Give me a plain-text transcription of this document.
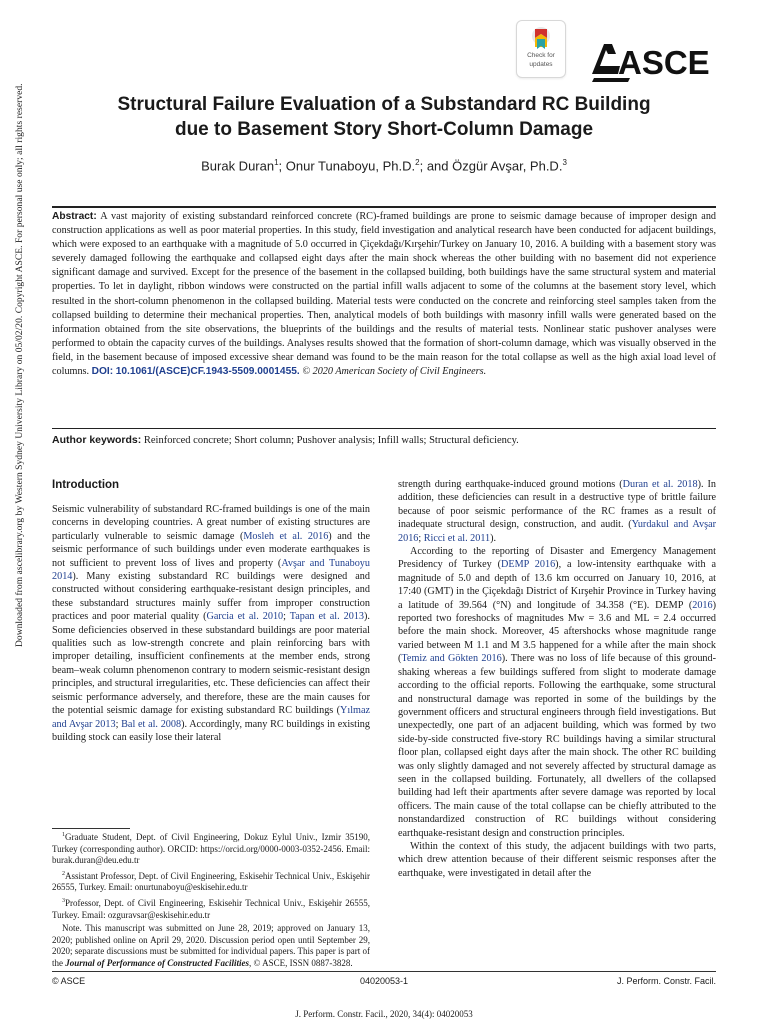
Downloaded from ascelibrary.org by Western Sydney University Library on 05/02/20. Copyright ASCE. For personal use only; all rights reserved.
Check for
updates	ASCE
Structural Failure Evaluation of a Substandard RC Building
due to Basement Story Short-Column Damage
Burak Duran$^1$; Onur Tunaboyu, Ph.D.$^2$; and Özgür Avşar, Ph.D.$^3$
Abstract: A vast majority of existing substandard reinforced concrete (RC)-framed buildings are prone to seismic damage because of improper design and construction applications as well as poor material properties. In this study, field investigation and analytical research have been conducted for adjacent buildings, which were exposed to an earthquake with a magnitude of 5.0 occurred in Çiçekdağı/Kırşehir/Turkey on January 10, 2016. A building with a basement story was severely damaged following the earthquake and collapsed eight days after the main shock whereas the other building with no basement did not experience significant damage and survived. Except for the presence of the basement in the collapsed building, both buildings have the same structural system and material properties. To let in daylight, ribbon windows were constructed on the partial infill walls adjacent to some of the columns at the basement story level, which resulted in the short-column phenomenon in the collapsed building. Material tests were conducted on the concrete and reinforcing steel samples taken from the collapsed building to determine their mechanical properties. Then, analytical models of both buildings with masonry infill walls were generated based on the information obtained from the site observations, the blueprints of the buildings and the results of material tests. Nonlinear static pushover analyses were performed to obtain the capacity curves of the buildings. Analyses results showed that the formation of short-column damage, which was visually observed in the field, in the basement because of imposed excessive shear demand was found to be the main reason for the total collapse as well as the high axial load level of columns. DOI: 10.1061/(ASCE)CF.1943-5509.0001455. © 2020 American Society of Civil Engineers.
Author keywords: Reinforced concrete; Short column; Pushover analysis; Infill walls; Structural deficiency.
Introduction

Seismic vulnerability of substandard RC-framed buildings is one of the main concerns in developing countries. A great number of existing structures are particularly vulnerable to seismic damage (Mosleh et al. 2016) and the seismic performance of such buildings under even moderate earthquakes is not sufficient to prevent loss of lives and property (Avşar and Tunaboyu 2014). Many existing substandard RC buildings were designed and constructed without considering earthquake-resistant design principles, and these substandard structures mainly suffer from improper construction practices and poor material quality (Garcia et al. 2010; Tapan et al. 2013). Some deficiencies observed in these substandard buildings are poor material qualities such as low-strength concrete and plain reinforcing bars with improper detailing, insufficient confinements at the member ends, strong beam–weak column phenomenon contrary to modern seismic-resistant design principles, and structural irregularities, etc. These deficiencies can affect their seismic performance adversely, and therefore, these are the main causes for the potential seismic damage for existing substandard RC buildings (Yılmaz and Avşar 2013; Bal et al. 2008). Accordingly, many RC buildings in existing building stock can easily lose their lateral

$^1$Graduate Student, Dept. of Civil Engineering, Dokuz Eylul Univ., Izmir 35190, Turkey (corresponding author). ORCID: https://orcid.org/0000-0003-0352-2456. Email: burak.duran@deu.edu.tr

$^2$Assistant Professor, Dept. of Civil Engineering, Eskisehir Technical Univ., Eskişehir 26555, Turkey. Email: onurtunaboyu@eskisehir.edu.tr

$^3$Professor, Dept. of Civil Engineering, Eskisehir Technical Univ., Eskişehir 26555, Turkey. Email: ozguravsar@eskisehir.edu.tr

Note. This manuscript was submitted on June 28, 2019; approved on January 13, 2020; published online on April 29, 2020. Discussion period open until September 29, 2020; separate discussions must be submitted for individual papers. This paper is part of the Journal of Performance of Constructed Facilities, © ASCE, ISSN 0887-3828.

strength during earthquake-induced ground motions (Duran et al. 2018). In addition, these deficiencies can result in a destructive type of brittle failure because of poor seismic performance of the RC frames as a result of inadequate structural design, construction, and audit. (Yurdakul and Avşar 2016; Ricci et al. 2011).

According to the reporting of Disaster and Emergency Management Presidency of Turkey (DEMP 2016), a low-intensity earthquake with a magnitude of 5.0 and depth of 13.6 km occurred on January 10, 2016, at 17:40 (GMT) in the Çiçekdağı District of Kırşehir Province in Turkey having a latitude of 39.564 (°N) and longitude of 34.358 (°E). DEMP (2016) reported two foreshocks of magnitudes Mw = 3.6 and ML = 2.4 occurred before the main shock. Moreover, 45 aftershocks whose magnitude range varied between M 1.1 and M 3.5 happened for a while after the main shock (Temiz and Gökten 2016). There was no loss of life because of this ground-shaking whereas a few buildings suffered from slight to moderate damage according to the official reports. Following the earthquake, some structural and nonstructural damage was reported in some of the buildings by the government officers and structural engineers through field investigations. But unexpectedly, one part of an adjacent building, which was formed by two side-by-side constructed five-story RC buildings having a similar structural floor plan, collapsed eight days after the main shock. The other RC building was only slightly damaged and not severely affected by structural damage as seen in the collapsed building. Fortunately, all dwellers of the collapsed building had left their apartments after severe damage was reported by local officers. The main cause of the total collapse can be chiefly attributed to the nonstandardized construction of RC buildings without considering earthquake-resistant design and construction principles.

Within the context of this study, the adjacent buildings with two parts, which drew attention because of their different seismic responses after the earthquake, were investigated in detail after the

© ASCE	04020053-1	J. Perform. Constr. Facil.
J. Perform. Constr. Facil., 2020, 34(4): 04020053
